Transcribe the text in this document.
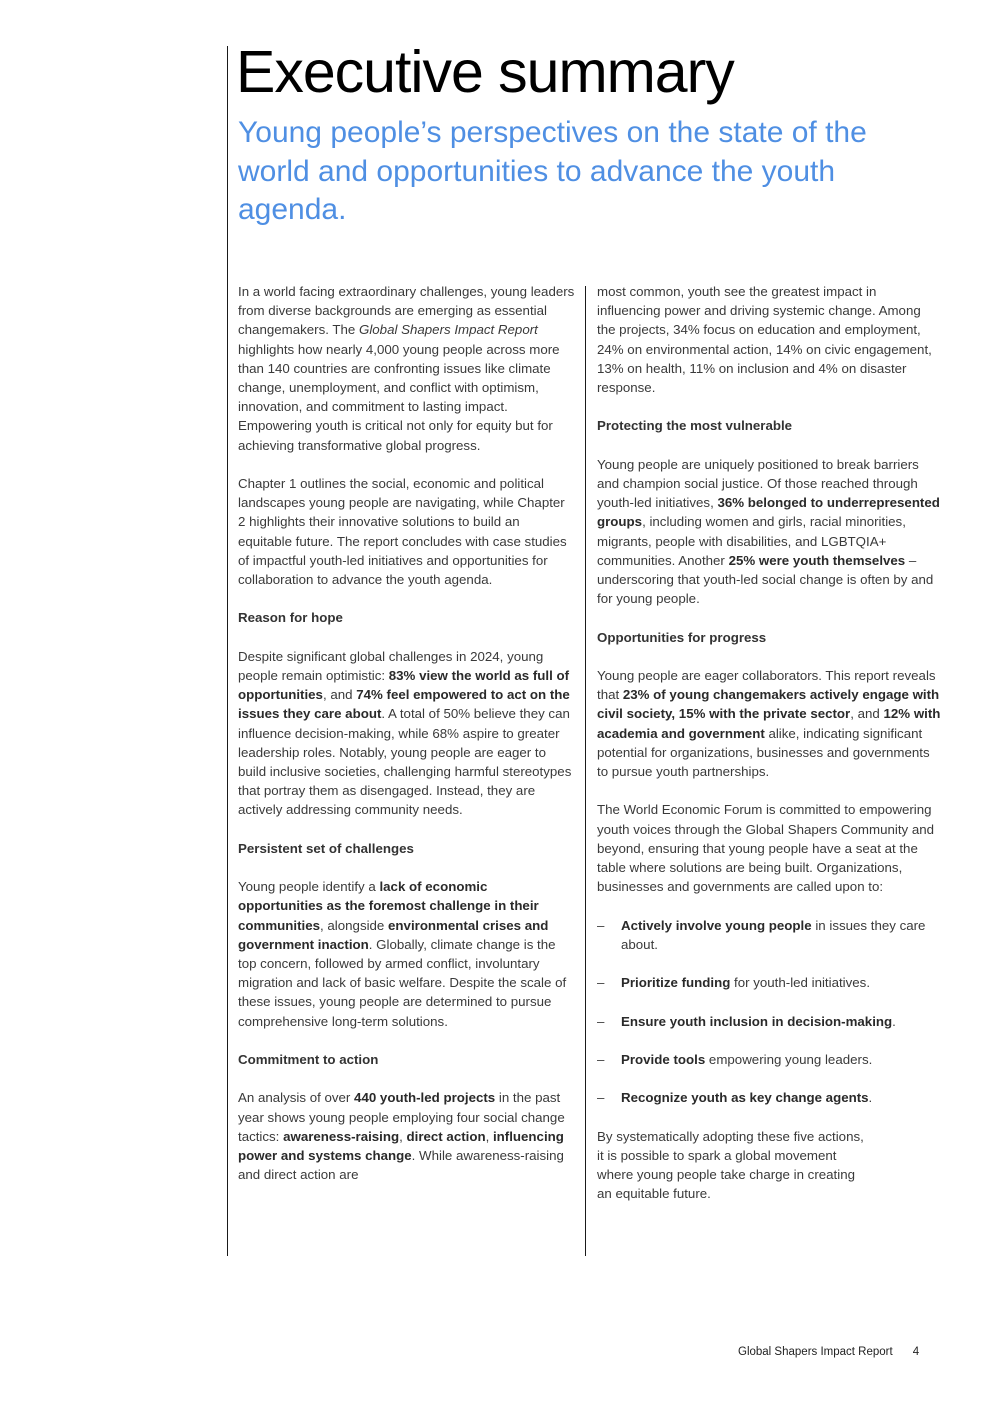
Executive summary
Young people’s perspectives on the state of the world and opportunities to advance the youth agenda.

In a world facing extraordinary challenges, young leaders from diverse backgrounds are emerging as essential changemakers. The Global Shapers Impact Report highlights how nearly 4,000 young people across more than 140 countries are confronting issues like climate change, unemployment, and conflict with optimism, innovation, and commitment to lasting impact. Empowering youth is critical not only for equity but for achieving transformative global progress.

Chapter 1 outlines the social, economic and political landscapes young people are navigating, while Chapter 2 highlights their innovative solutions to build an equitable future. The report concludes with case studies of impactful youth-led initiatives and opportunities for collaboration to advance the youth agenda.

Reason for hope

Despite significant global challenges in 2024, young people remain optimistic: 83% view the world as full of opportunities, and 74% feel empowered to act on the issues they care about. A total of 50% believe they can influence decision-making, while 68% aspire to greater leadership roles. Notably, young people are eager to build inclusive societies, challenging harmful stereotypes that portray them as disengaged. Instead, they are actively addressing community needs.

Persistent set of challenges

Young people identify a lack of economic opportunities as the foremost challenge in their communities, alongside environmental crises and government inaction. Globally, climate change is the top concern, followed by armed conflict, involuntary migration and lack of basic welfare. Despite the scale of these issues, young people are determined to pursue comprehensive long-term solutions.

Commitment to action

An analysis of over 440 youth-led projects in the past year shows young people employing four social change tactics: awareness-raising, direct action, influencing power and systems change. While awareness-raising and direct action are

most common, youth see the greatest impact in influencing power and driving systemic change. Among the projects, 34% focus on education and employment, 24% on environmental action, 14% on civic engagement, 13% on health, 11% on inclusion and 4% on disaster response.

Protecting the most vulnerable

Young people are uniquely positioned to break barriers and champion social justice. Of those reached through youth-led initiatives, 36% belonged to underrepresented groups, including women and girls, racial minorities, migrants, people with disabilities, and LGBTQIA+ communities. Another 25% were youth themselves – underscoring that youth-led social change is often by and for young people.

Opportunities for progress

Young people are eager collaborators. This report reveals that 23% of young changemakers actively engage with civil society, 15% with the private sector, and 12% with academia and government alike, indicating significant potential for organizations, businesses and governments to pursue youth partnerships.

The World Economic Forum is committed to empowering youth voices through the Global Shapers Community and beyond, ensuring that young people have a seat at the table where solutions are being built. Organizations, businesses and governments are called upon to:

– Actively involve young people in issues they care about.
– Prioritize funding for youth-led initiatives.
– Ensure youth inclusion in decision-making.
– Provide tools empowering young leaders.
– Recognize youth as key change agents.

By systematically adopting these five actions,
it is possible to spark a global movement
where young people take charge in creating
an equitable future.

Global Shapers Impact Report 4
